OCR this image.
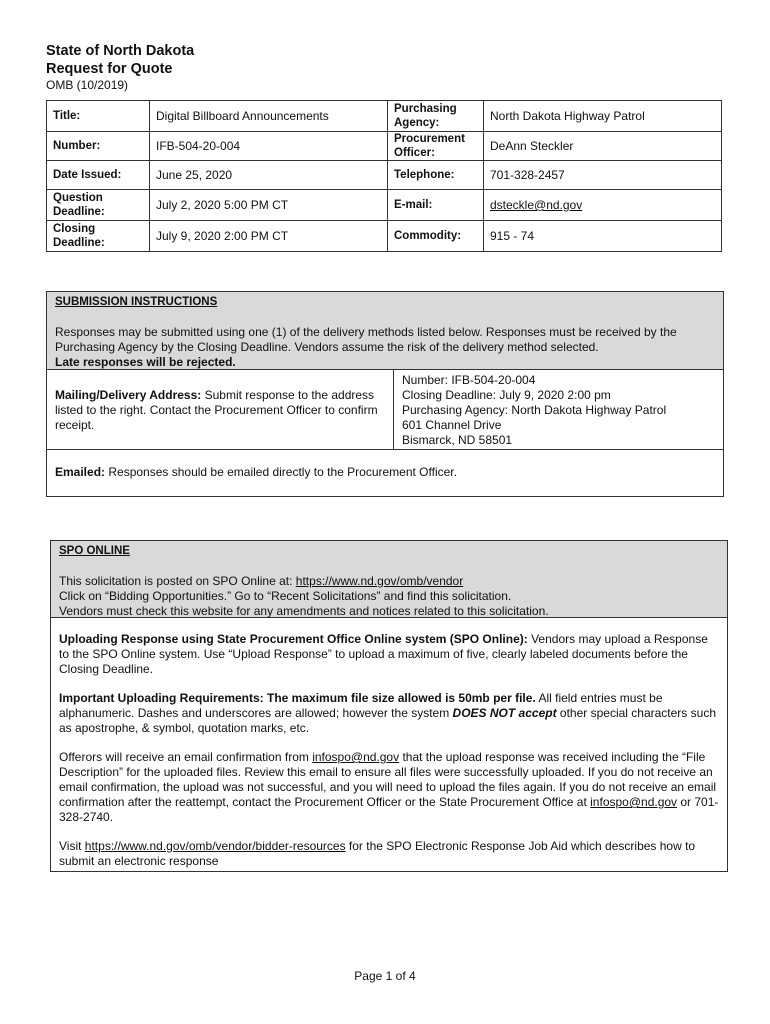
State of North Dakota
Request for Quote
OMB (10/2019)
Title:	Digital Billboard Announcements	Purchasing Agency:	North Dakota Highway Patrol
Number:	IFB-504-20-004	Procurement Officer:	DeAnn Steckler
Date Issued:	June 25, 2020	Telephone:	701-328-2457
Question Deadline:	July 2, 2020 5:00 PM CT	E-mail:	dsteckle@nd.gov
Closing Deadline:	July 9, 2020 2:00 PM CT	Commodity:	915 - 74

SUBMISSION INSTRUCTIONS

Responses may be submitted using one (1) of the delivery methods listed below. Responses must be received by the

Purchasing Agency by the Closing Deadline. Vendors assume the risk of the delivery method selected.

Late responses will be rejected.

Mailing/Delivery Address: Submit response to the address listed to the right. Contact the Procurement Officer to confirm receipt.

Number: IFB-504-20-004

Closing Deadline: July 9, 2020 2:00 pm

Purchasing Agency: North Dakota Highway Patrol

601 Channel Drive

Bismarck, ND 58501

Emailed: Responses should be emailed directly to the Procurement Officer.

SPO ONLINE

This solicitation is posted on SPO Online at: https://www.nd.gov/omb/vendor

Click on “Bidding Opportunities.” Go to “Recent Solicitations” and find this solicitation.

Vendors must check this website for any amendments and notices related to this solicitation.

Uploading Response using State Procurement Office Online system (SPO Online): Vendors may upload a Response to the SPO Online system. Use “Upload Response” to upload a maximum of five, clearly labeled documents before the Closing Deadline.

Important Uploading Requirements: The maximum file size allowed is 50mb per file. All field entries must be alphanumeric. Dashes and underscores are allowed; however the system DOES NOT accept other special characters such as apostrophe, & symbol, quotation marks, etc.

Offerors will receive an email confirmation from infospo@nd.gov that the upload response was received including the “File Description” for the uploaded files. Review this email to ensure all files were successfully uploaded. If you do not receive an email confirmation, the upload was not successful, and you will need to upload the files again. If you do not receive an email confirmation after the reattempt, contact the Procurement Officer or the State Procurement Office at infospo@nd.gov or 701-328-2740.

Visit https://www.nd.gov/omb/vendor/bidder-resources for the SPO Electronic Response Job Aid which describes how to submit an electronic response

Page 1 of 4
